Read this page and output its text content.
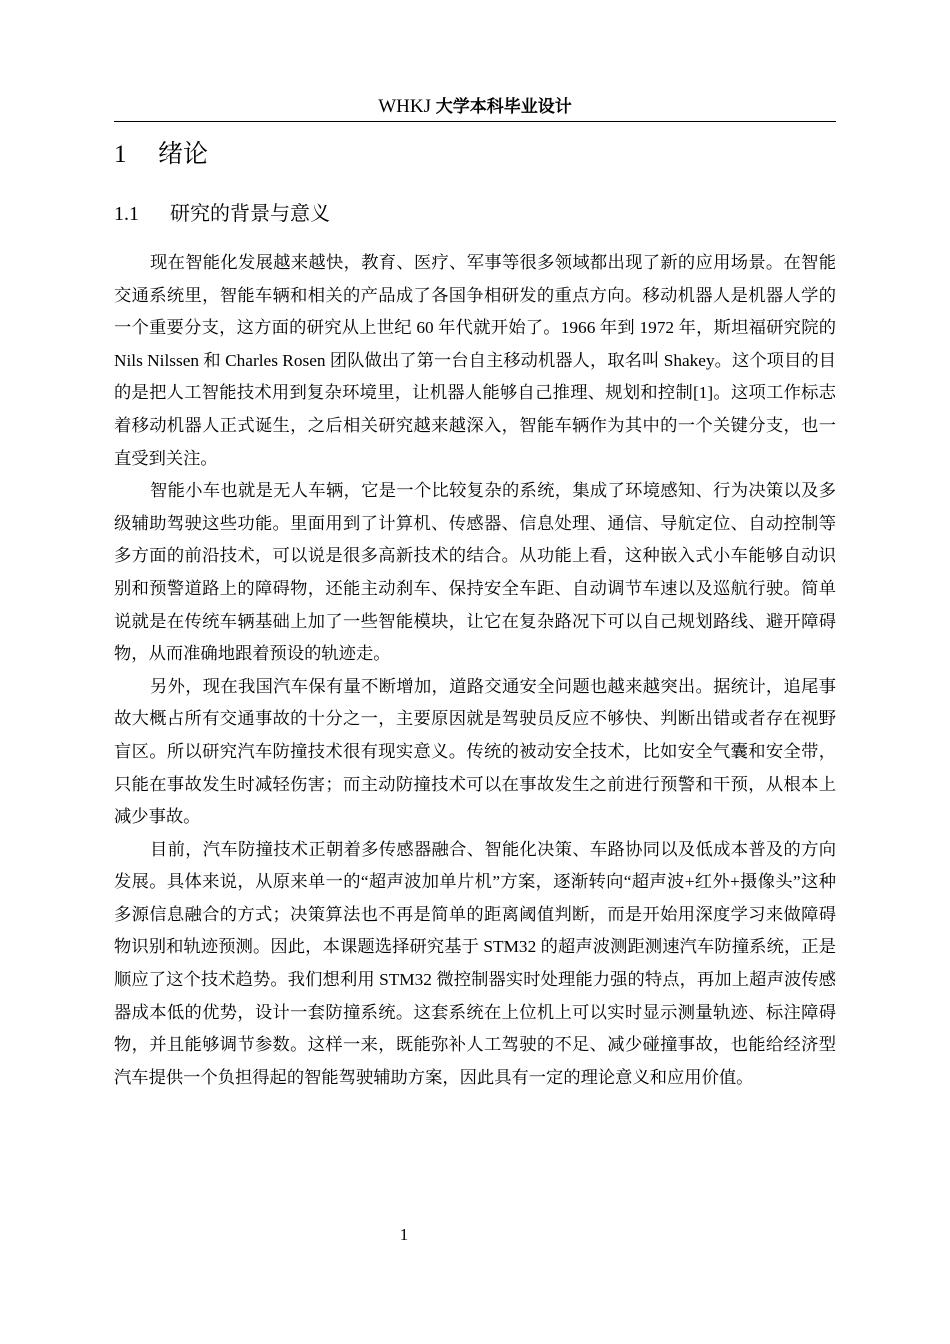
WHKJ 大学本科毕业设计
1 绪论
1.1 研究的背景与意义

现在智能化发展越来越快，教育、医疗、军事等很多领域都出现了新的应用场景。在智能交通系统里，智能车辆和相关的产品成了各国争相研发的重点方向。移动机器人是机器人学的一个重要分支，这方面的研究从上世纪 60 年代就开始了。1966 年到 1972 年，斯坦福研究院的 Nils Nilssen 和 Charles Rosen 团队做出了第一台自主移动机器人，取名叫 Shakey。这个项目的目的是把人工智能技术用到复杂环境里，让机器人能够自己推理、规划和控制[1]。这项工作标志着移动机器人正式诞生，之后相关研究越来越深入，智能车辆作为其中的一个关键分支，也一直受到关注。

智能小车也就是无人车辆，它是一个比较复杂的系统，集成了环境感知、行为决策以及多级辅助驾驶这些功能。里面用到了计算机、传感器、信息处理、通信、导航定位、自动控制等多方面的前沿技术，可以说是很多高新技术的结合。从功能上看，这种嵌入式小车能够自动识别和预警道路上的障碍物，还能主动刹车、保持安全车距、自动调节车速以及巡航行驶。简单说就是在传统车辆基础上加了一些智能模块，让它在复杂路况下可以自己规划路线、避开障碍物，从而准确地跟着预设的轨迹走。

另外，现在我国汽车保有量不断增加，道路交通安全问题也越来越突出。据统计，追尾事故大概占所有交通事故的十分之一，主要原因就是驾驶员反应不够快、判断出错或者存在视野盲区。所以研究汽车防撞技术很有现实意义。传统的被动安全技术，比如安全气囊和安全带，只能在事故发生时减轻伤害；而主动防撞技术可以在事故发生之前进行预警和干预，从根本上减少事故。

目前，汽车防撞技术正朝着多传感器融合、智能化决策、车路协同以及低成本普及的方向发展。具体来说，从原来单一的“超声波加单片机”方案，逐渐转向“超声波+红外+摄像头”这种多源信息融合的方式；决策算法也不再是简单的距离阈值判断，而是开始用深度学习来做障碍物识别和轨迹预测。因此，本课题选择研究基于 STM32 的超声波测距测速汽车防撞系统，正是顺应了这个技术趋势。我们想利用 STM32 微控制器实时处理能力强的特点，再加上超声波传感器成本低的优势，设计一套防撞系统。这套系统在上位机上可以实时显示测量轨迹、标注障碍物，并且能够调节参数。这样一来，既能弥补人工驾驶的不足、减少碰撞事故，也能给经济型汽车提供一个负担得起的智能驾驶辅助方案，因此具有一定的理论意义和应用价值。

1
